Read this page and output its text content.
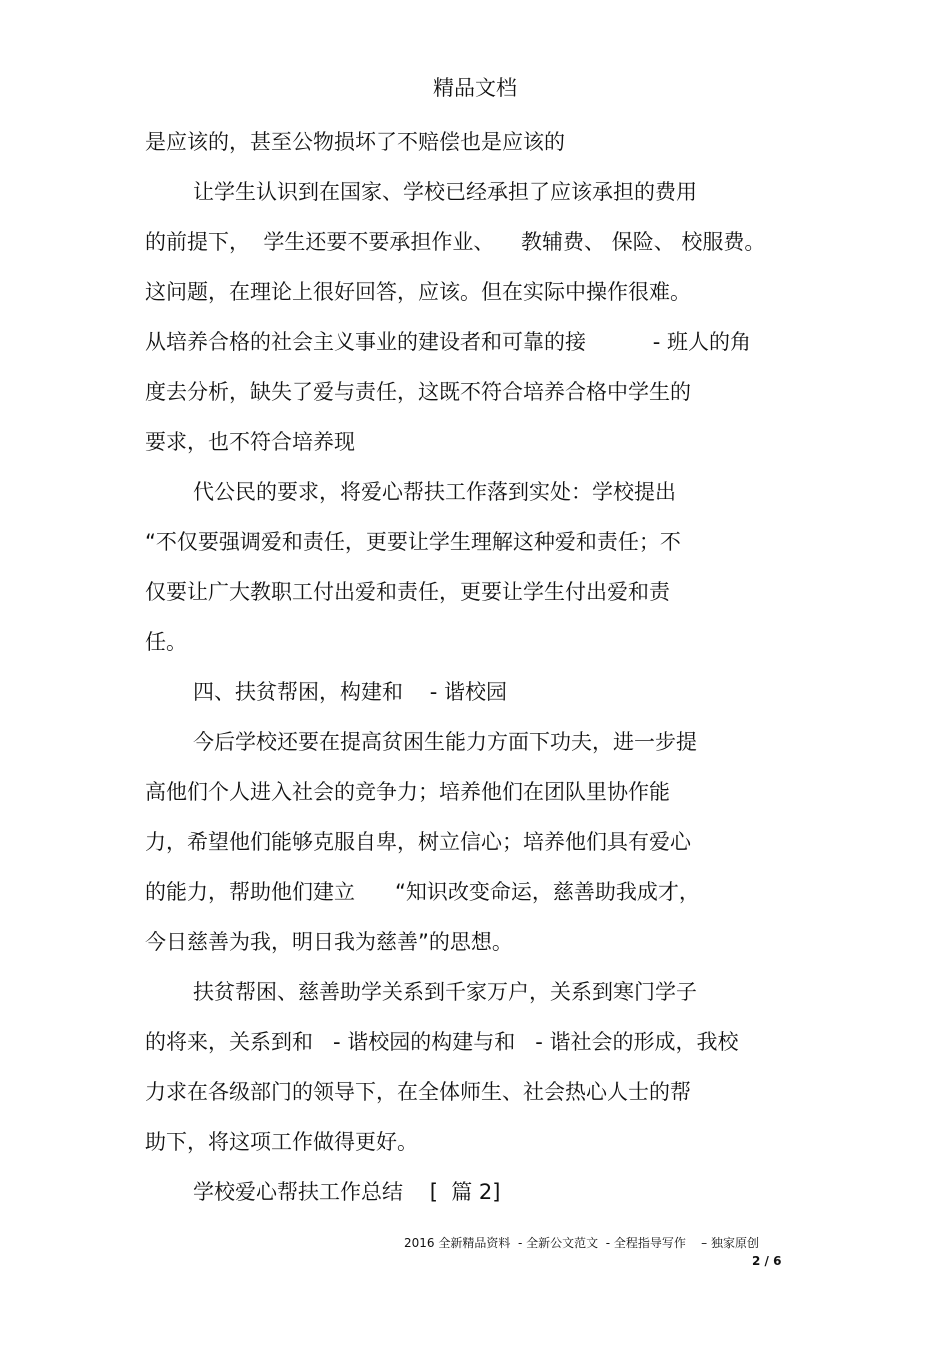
精品文档
是应该的，甚至公物损坏了不赔偿也是应该的
让学生认识到在国家、学校已经承担了应该承担的费用
的前提下，  学生还要不要承担作业、    教辅费、 保险、 校服费。
这问题，在理论上很好回答，应该。但在实际中操作很难。
从培养合格的社会主义事业的建设者和可靠的接          - 班人的角
度去分析，缺失了爱与责任，这既不符合培养合格中学生的
要求，也不符合培养现
代公民的要求，将爱心帮扶工作落到实处：学校提出
“不仅要强调爱和责任，更要让学生理解这种爱和责任；不
仅要让广大教职工付出爱和责任，更要让学生付出爱和责
任。
四、扶贫帮困，构建和    - 谐校园
今后学校还要在提高贫困生能力方面下功夫，进一步提
高他们个人进入社会的竞争力；培养他们在团队里协作能
力，希望他们能够克服自卑，树立信心；培养他们具有爱心
的能力，帮助他们建立      “知识改变命运，慈善助我成才，
今日慈善为我，明日我为慈善”的思想。
扶贫帮困、慈善助学关系到千家万户，关系到寒门学子
的将来，关系到和   - 谐校园的构建与和   - 谐社会的形成，我校
力求在各级部门的领导下，在全体师生、社会热心人士的帮
助下，将这项工作做得更好。
学校爱心帮扶工作总结    [  篇 2]
2016 全新精品资料  - 全新公文范文  - 全程指导写作    – 独家原创
2 / 6
